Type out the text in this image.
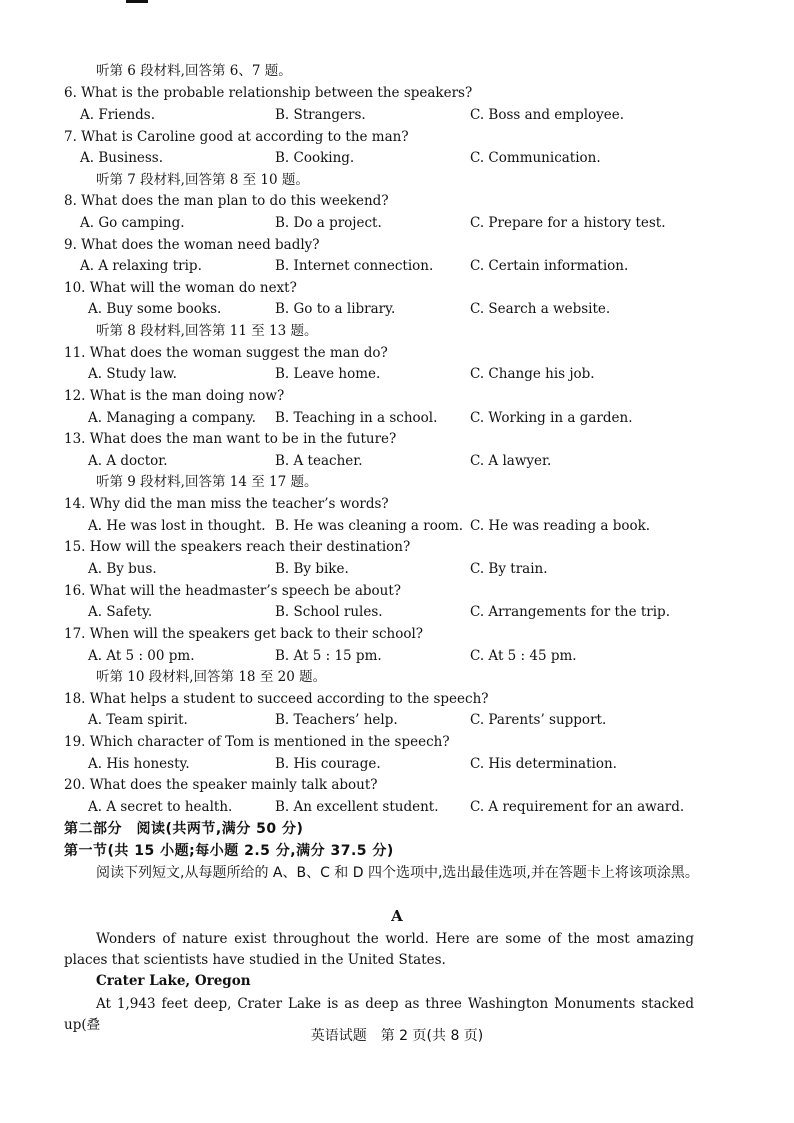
听第 6 段材料,回答第 6、7 题。
6. What is the probable relationship between the speakers?
A. Friends.	B. Strangers.	C. Boss and employee.
7. What is Caroline good at according to the man?
A. Business.	B. Cooking.	C. Communication.
听第 7 段材料,回答第 8 至 10 题。
8. What does the man plan to do this weekend?
A. Go camping.	B. Do a project.	C. Prepare for a history test.
9. What does the woman need badly?
A. A relaxing trip.	B. Internet connection.	C. Certain information.
10. What will the woman do next?
A. Buy some books.	B. Go to a library.	C. Search a website.
听第 8 段材料,回答第 11 至 13 题。
11. What does the woman suggest the man do?
A. Study law.	B. Leave home.	C. Change his job.
12. What is the man doing now?
A. Managing a company. B. Teaching in a school. C. Working in a garden.
13. What does the man want to be in the future?
A. A doctor.	B. A teacher.	C. A lawyer.
听第 9 段材料,回答第 14 至 17 题。
14. Why did the man miss the teacher’s words?
A. He was lost in thought. B. He was cleaning a room. C. He was reading a book.
15. How will the speakers reach their destination?
A. By bus.	B. By bike.	C. By train.
16. What will the headmaster’s speech be about?
A. Safety.	B. School rules.	C. Arrangements for the trip.
17. When will the speakers get back to their school?
A. At 5 : 00 pm.	B. At 5 : 15 pm.	C. At 5 : 45 pm.
听第 10 段材料,回答第 18 至 20 题。
18. What helps a student to succeed according to the speech?
A. Team spirit.	B. Teachers’ help.	C. Parents’ support.
19. Which character of Tom is mentioned in the speech?
A. His honesty.	B. His courage.	C. His determination.
20. What does the speaker mainly talk about?
A. A secret to health.	B. An excellent student. C. A requirement for an award.
第二部分　阅读(共两节,满分 50 分)
第一节(共 15 小题;每小题 2.5 分,满分 37.5 分)
阅读下列短文,从每题所给的 A、B、C 和 D 四个选项中,选出最佳选项,并在答题卡上将该项涂黑。
A
Wonders of nature exist throughout the world. Here are some of the most amazing places that scientists have studied in the United States.
Crater Lake, Oregon
At 1,943 feet deep, Crater Lake is as deep as three Washington Monuments stacked up(叠
英语试题　第 2 页(共 8 页)
